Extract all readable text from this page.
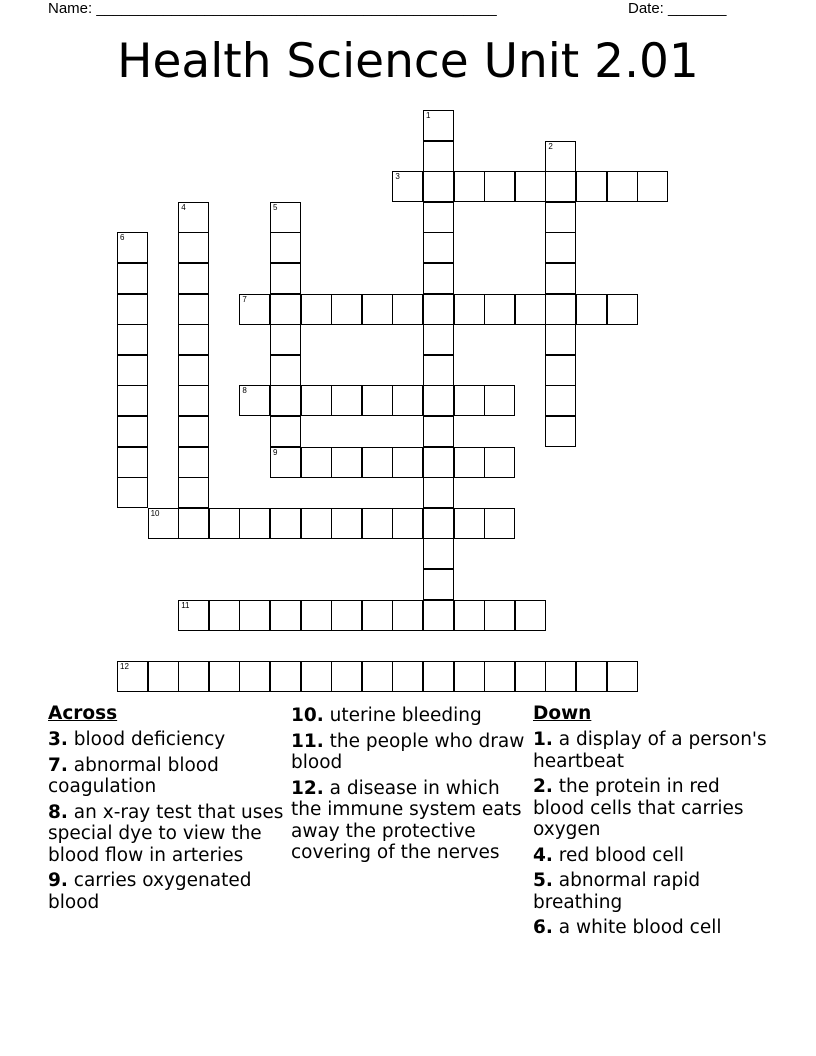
Name: ________________________________________________	Date: _______
Health Science Unit 2.01
1
2
3
4	5
6
7
8
9
10
11
12
Across
3. blood deficiency
7. abnormal blood coagulation
8. an x-ray test that uses special dye to view the blood flow in arteries
9. carries oxygenated blood
10. uterine bleeding
11. the people who draw blood
12. a disease in which the immune system eats away the protective covering of the nerves
Down
1. a display of a person's heartbeat
2. the protein in red blood cells that carries oxygen
4. red blood cell
5. abnormal rapid breathing
6. a white blood cell
